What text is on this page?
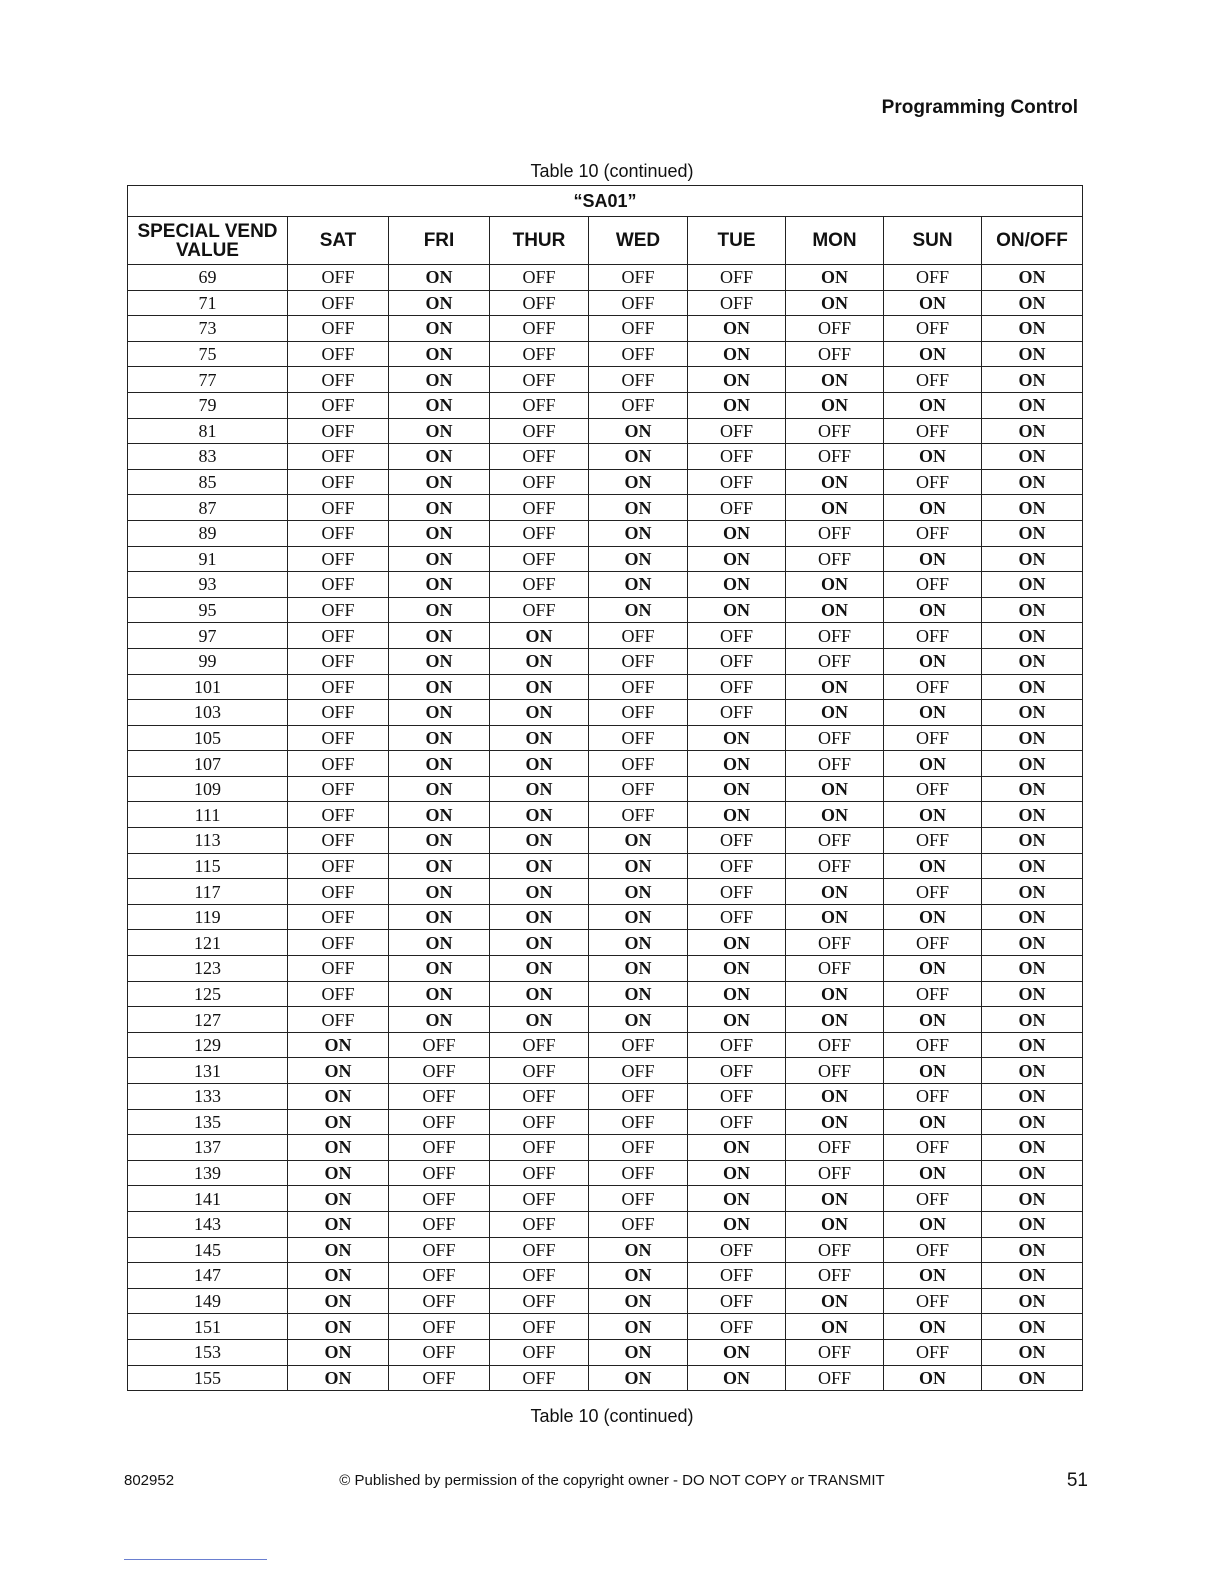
Programming Control
Table 10 (continued)
“SA01”								
SPECIAL VEND VALUE	SAT	FRI	THUR	WED	TUE	MON	SUN	ON/OFF
69	OFF	ON	OFF	OFF	OFF	ON	OFF	ON
71	OFF	ON	OFF	OFF	OFF	ON	ON	ON
73	OFF	ON	OFF	OFF	ON	OFF	OFF	ON
75	OFF	ON	OFF	OFF	ON	OFF	ON	ON
77	OFF	ON	OFF	OFF	ON	ON	OFF	ON
79	OFF	ON	OFF	OFF	ON	ON	ON	ON
81	OFF	ON	OFF	ON	OFF	OFF	OFF	ON
83	OFF	ON	OFF	ON	OFF	OFF	ON	ON
85	OFF	ON	OFF	ON	OFF	ON	OFF	ON
87	OFF	ON	OFF	ON	OFF	ON	ON	ON
89	OFF	ON	OFF	ON	ON	OFF	OFF	ON
91	OFF	ON	OFF	ON	ON	OFF	ON	ON
93	OFF	ON	OFF	ON	ON	ON	OFF	ON
95	OFF	ON	OFF	ON	ON	ON	ON	ON
97	OFF	ON	ON	OFF	OFF	OFF	OFF	ON
99	OFF	ON	ON	OFF	OFF	OFF	ON	ON
101	OFF	ON	ON	OFF	OFF	ON	OFF	ON
103	OFF	ON	ON	OFF	OFF	ON	ON	ON
105	OFF	ON	ON	OFF	ON	OFF	OFF	ON
107	OFF	ON	ON	OFF	ON	OFF	ON	ON
109	OFF	ON	ON	OFF	ON	ON	OFF	ON
111	OFF	ON	ON	OFF	ON	ON	ON	ON
113	OFF	ON	ON	ON	OFF	OFF	OFF	ON
115	OFF	ON	ON	ON	OFF	OFF	ON	ON
117	OFF	ON	ON	ON	OFF	ON	OFF	ON
119	OFF	ON	ON	ON	OFF	ON	ON	ON
121	OFF	ON	ON	ON	ON	OFF	OFF	ON
123	OFF	ON	ON	ON	ON	OFF	ON	ON
125	OFF	ON	ON	ON	ON	ON	OFF	ON
127	OFF	ON	ON	ON	ON	ON	ON	ON
129	ON	OFF	OFF	OFF	OFF	OFF	OFF	ON
131	ON	OFF	OFF	OFF	OFF	OFF	ON	ON
133	ON	OFF	OFF	OFF	OFF	ON	OFF	ON
135	ON	OFF	OFF	OFF	OFF	ON	ON	ON
137	ON	OFF	OFF	OFF	ON	OFF	OFF	ON
139	ON	OFF	OFF	OFF	ON	OFF	ON	ON
141	ON	OFF	OFF	OFF	ON	ON	OFF	ON
143	ON	OFF	OFF	OFF	ON	ON	ON	ON
145	ON	OFF	OFF	ON	OFF	OFF	OFF	ON
147	ON	OFF	OFF	ON	OFF	OFF	ON	ON
149	ON	OFF	OFF	ON	OFF	ON	OFF	ON
151	ON	OFF	OFF	ON	OFF	ON	ON	ON
153	ON	OFF	OFF	ON	ON	OFF	OFF	ON
155	ON	OFF	OFF	ON	ON	OFF	ON	ON
Table 10 (continued)
802952	© Published by permission of the copyright owner - DO NOT COPY or TRANSMIT	51
